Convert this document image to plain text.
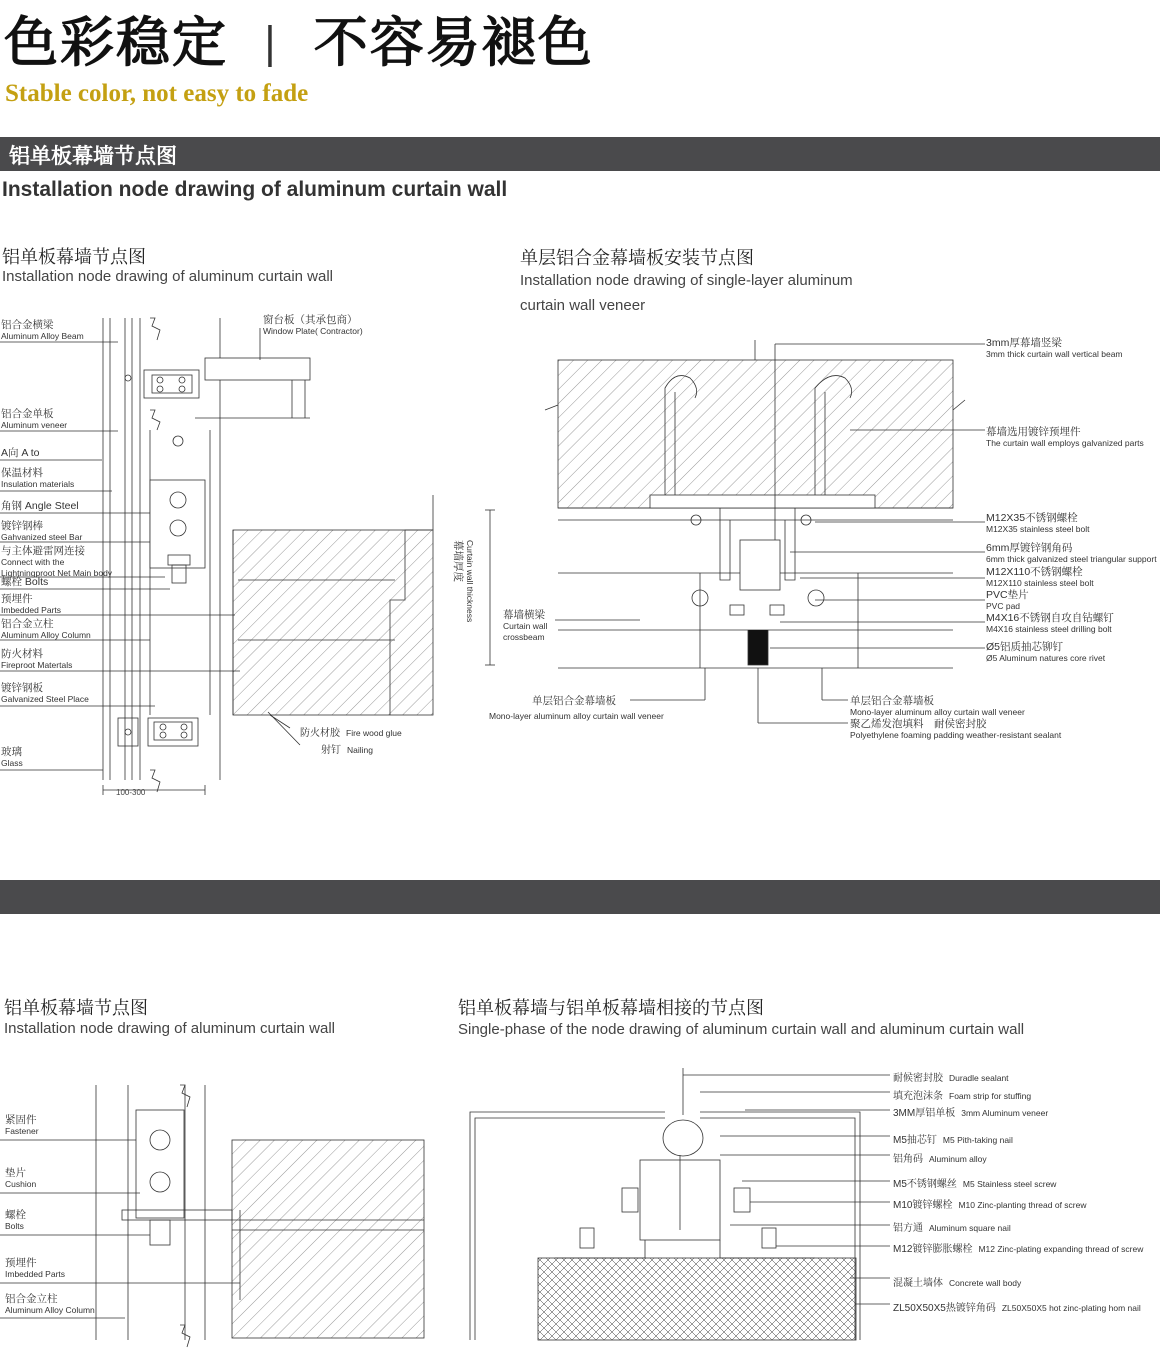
色彩稳定 | 不容易褪色
Stable color, not easy to fade
铝单板幕墙节点图
Installation node drawing of aluminum curtain wall
铝单板幕墙节点图
Installation node drawing of aluminum curtain wall
单层铝合金幕墙板安装节点图
Installation node drawing of single-layer aluminum
curtain wall veneer
铝单板幕墙节点图
Installation node drawing of aluminum curtain wall
铝单板幕墙与铝单板幕墙相接的节点图
Single-phase of the node drawing of aluminum curtain wall and aluminum curtain wall
100-300
铝合金横梁
Aluminum Alloy Beam
铝合金单板
Aluminum veneer
A向 A to
保温材料
Insulation materials
角钢 Angle Steel
镀锌钢棒
Gahvanized steel Bar
与主体避雷网连接
Connect with the
Lightningproot Net Main body
螺栓 Bolts
预埋件
Imbedded Parts
铝合金立柱
Aluminum Alloy Column
防火材料
Fireproot Matertals
镀锌钢板
Galvanized Steel Place
玻璃
Glass
窗台板（其承包商）
Window Plate( Contractor)
防火材胶 Fire wood glue
射钉 Nailing
3mm厚幕墙竖梁
3mm thick curtain wall vertical beam
幕墙选用镀锌预埋件
The curtain wall employs galvanized parts
M12X35不锈钢螺栓
M12X35 stainless steel bolt
6mm厚镀锌钢角码
6mm thick galvanized steel triangular support
M12X110不锈钢螺栓
M12X110 stainless steel bolt
PVC垫片
PVC pad
M4X16不锈钢自攻自钻螺钉
M4X16 stainless steel drilling bolt
Ø5铝质抽芯铆钉
Ø5 Aluminum natures core rivet
幕墙厚度 Curtain wall thickness	幕墙横梁
Curtain wall
crossbeam
单层铝合金幕墙板
Mono-layer aluminum alloy curtain wall veneer
单层铝合金幕墙板
Mono-layer aluminum alloy curtain wall veneer
聚乙烯发泡填料　耐侯密封胶
Polyethylene foaming padding weather-resistant sealant
紧固件
Fastener
垫片
Cushion
螺栓
Bolts
预埋件
Imbedded Parts
铝合金立柱
Aluminum Alloy Column
耐候密封胶 Duradle sealant
填充泡沫条 Foam strip for stuffing
3MM厚铝单板 3mm Aluminum veneer
M5抽芯钉 M5 Pith-taking nail
铝角码 Aluminum alloy
M5不锈钢螺丝 M5 Stainless steel screw
M10镀锌螺栓 M10 Zinc-planting thread of screw
铝方通 Aluminum square nail
M12镀锌膨胀螺栓 M12 Zinc-plating expanding thread of screw
混凝土墙体 Concrete wall body
ZL50X50X5热镀锌角码 ZL50X50X5 hot zinc-plating hom nail
